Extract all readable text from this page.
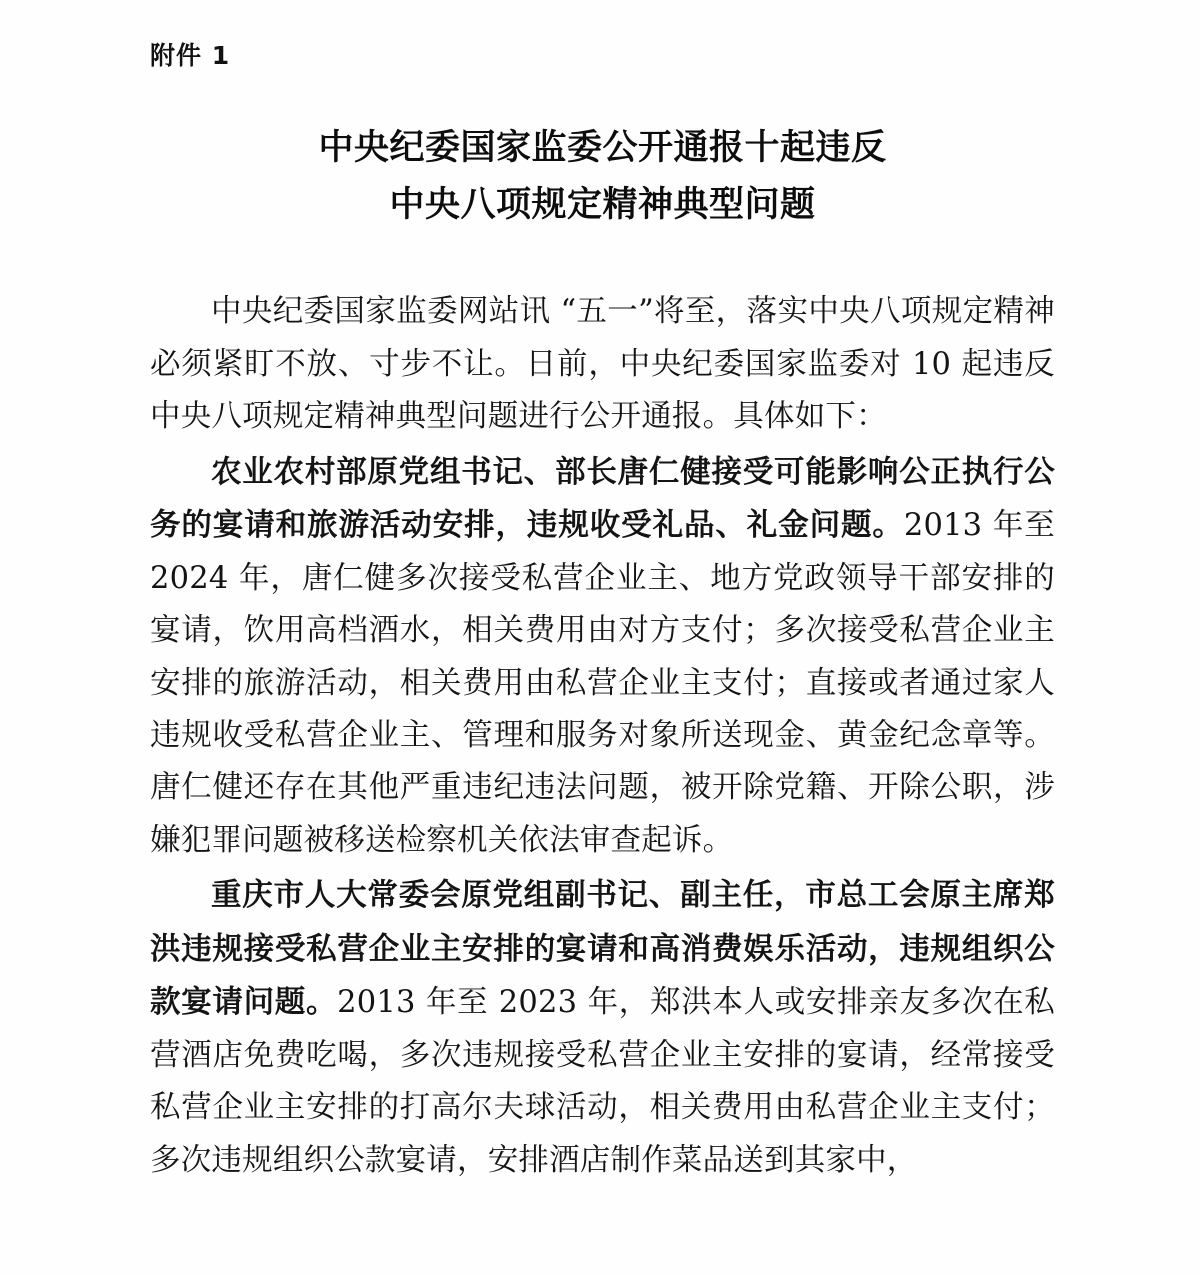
附件 1
中央纪委国家监委公开通报十起违反
中央八项规定精神典型问题

中央纪委国家监委网站讯 “五一”将至，落实中央八项规定精神必须紧盯不放、寸步不让。日前，中央纪委国家监委对 10 起违反中央八项规定精神典型问题进行公开通报。具体如下：

农业农村部原党组书记、部长唐仁健接受可能影响公正执行公务的宴请和旅游活动安排，违规收受礼品、礼金问题。2013 年至 2024 年，唐仁健多次接受私营企业主、地方党政领导干部安排的宴请，饮用高档酒水，相关费用由对方支付；多次接受私营企业主安排的旅游活动，相关费用由私营企业主支付；直接或者通过家人违规收受私营企业主、管理和服务对象所送现金、黄金纪念章等。唐仁健还存在其他严重违纪违法问题，被开除党籍、开除公职，涉嫌犯罪问题被移送检察机关依法审查起诉。

重庆市人大常委会原党组副书记、副主任，市总工会原主席郑洪违规接受私营企业主安排的宴请和高消费娱乐活动，违规组织公款宴请问题。2013 年至 2023 年，郑洪本人或安排亲友多次在私营酒店免费吃喝，多次违规接受私营企业主安排的宴请，经常接受私营企业主安排的打高尔夫球活动，相关费用由私营企业主支付；多次违规组织公款宴请，安排酒店制作菜品送到其家中，
